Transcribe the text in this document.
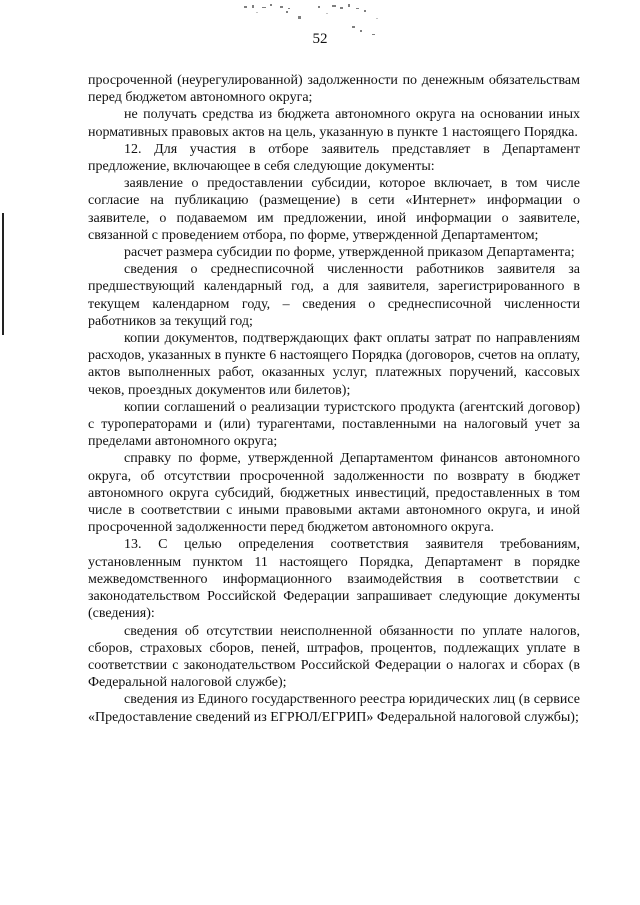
52

просроченной (неурегулированной) задолженности по денежным обязательствам перед бюджетом автономного округа;

не получать средства из бюджета автономного округа на основании иных нормативных правовых актов на цель, указанную в пункте 1 настоящего Порядка.

12. Для участия в отборе заявитель представляет в Департамент предложение, включающее в себя следующие документы:

заявление о предоставлении субсидии, которое включает, в том числе согласие на публикацию (размещение) в сети «Интернет» информации о заявителе, о подаваемом им предложении, иной информации о заявителе, связанной с проведением отбора, по форме, утвержденной Департаментом;

расчет размера субсидии по форме, утвержденной приказом Департамента;

сведения о среднесписочной численности работников заявителя за предшествующий календарный год, а для заявителя, зарегистрированного в текущем календарном году, – сведения о среднесписочной численности работников за текущий год;

копии документов, подтверждающих факт оплаты затрат по направлениям расходов, указанных в пункте 6 настоящего Порядка (договоров, счетов на оплату, актов выполненных работ, оказанных услуг, платежных поручений, кассовых чеков, проездных документов или билетов);

копии соглашений о реализации туристского продукта (агентский договор) с туроператорами и (или) турагентами, поставленными на налоговый учет за пределами автономного округа;

справку по форме, утвержденной Департаментом финансов автономного округа, об отсутствии просроченной задолженности по возврату в бюджет автономного округа субсидий, бюджетных инвестиций, предоставленных в том числе в соответствии с иными правовыми актами автономного округа, и иной просроченной задолженности перед бюджетом автономного округа.

13. С целью определения соответствия заявителя требованиям, установленным пунктом 11 настоящего Порядка, Департамент в порядке межведомственного информационного взаимодействия в соответствии с законодательством Российской Федерации запрашивает следующие документы (сведения):

сведения об отсутствии неисполненной обязанности по уплате налогов, сборов, страховых сборов, пеней, штрафов, процентов, подлежащих уплате в соответствии с законодательством Российской Федерации о налогах и сборах (в Федеральной налоговой службе);

сведения из Единого государственного реестра юридических лиц (в сервисе «Предоставление сведений из ЕГРЮЛ/ЕГРИП» Федеральной налоговой службы);
